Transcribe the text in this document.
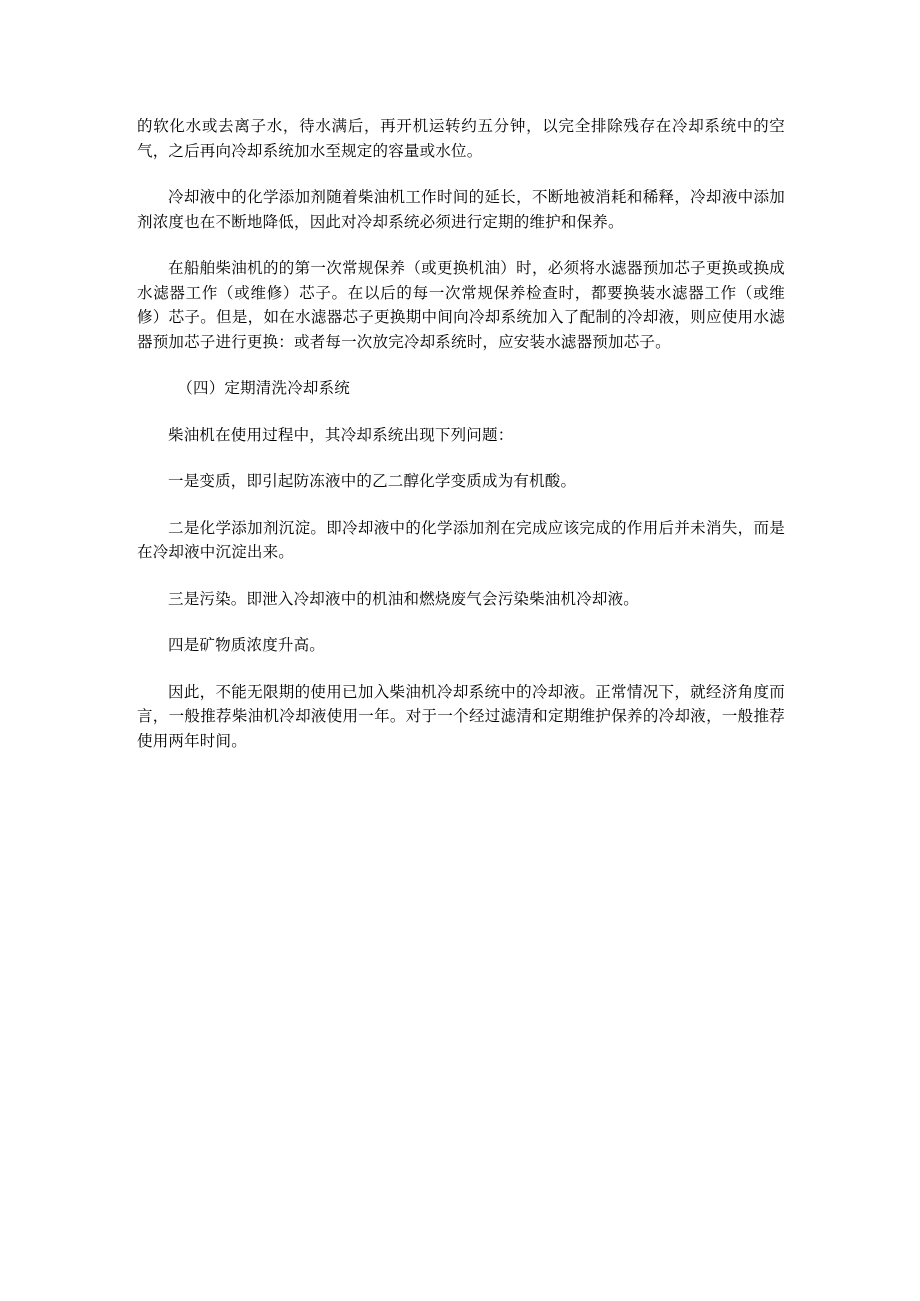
的软化水或去离子水，待水满后，再开机运转约五分钟，以完全排除残存在冷却系统中的空气，之后再向冷却系统加水至规定的容量或水位。

冷却液中的化学添加剂随着柴油机工作时间的延长，不断地被消耗和稀释，冷却液中添加剂浓度也在不断地降低，因此对冷却系统必须进行定期的维护和保养。

在船舶柴油机的的第一次常规保养（或更换机油）时，必须将水滤器预加芯子更换或换成水滤器工作（或维修）芯子。在以后的每一次常规保养检查时，都要换装水滤器工作（或维修）芯子。但是，如在水滤器芯子更换期中间向冷却系统加入了配制的冷却液，则应使用水滤器预加芯子进行更换：或者每一次放完冷却系统时，应安装水滤器预加芯子。

（四）定期清洗冷却系统

柴油机在使用过程中，其冷却系统出现下列问题：

一是变质，即引起防冻液中的乙二醇化学变质成为有机酸。

二是化学添加剂沉淀。即冷却液中的化学添加剂在完成应该完成的作用后并未消失，而是在冷却液中沉淀出来。

三是污染。即泄入冷却液中的机油和燃烧废气会污染柴油机冷却液。

四是矿物质浓度升高。

因此，不能无限期的使用已加入柴油机冷却系统中的冷却液。正常情况下，就经济角度而言，一般推荐柴油机冷却液使用一年。对于一个经过滤清和定期维护保养的冷却液，一般推荐使用两年时间。
